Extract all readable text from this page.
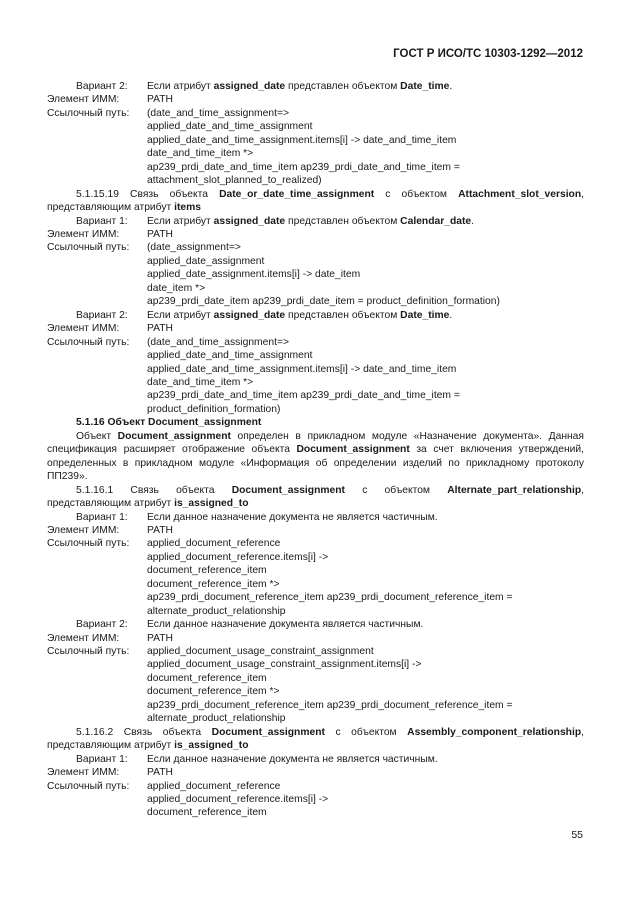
ГОСТ Р ИСО/ТС 10303-1292—2012
Вариант 2:	Если атрибут assigned_date представлен объектом Date_time.
Элемент ИММ:	PATH
Ссылочный путь:	(date_and_time_assignment=>
applied_date_and_time_assignment
applied_date_and_time_assignment.items[i] -> date_and_time_item
date_and_time_item *>
ap239_prdi_date_and_time_item ap239_prdi_date_and_time_item =
attachment_slot_planned_to_realized)
5.1.15.19 Связь объекта Date_or_date_time_assignment с объектом Attachment_slot_version, представляющим атрибут items
Вариант 1:	Если атрибут assigned_date представлен объектом Calendar_date.
Элемент ИММ:	PATH
Ссылочный путь:	(date_assignment=>
applied_date_assignment
applied_date_assignment.items[i] -> date_item
date_item *>
ap239_prdi_date_item ap239_prdi_date_item = product_definition_formation)
Вариант 2:	Если атрибут assigned_date представлен объектом Date_time.
Элемент ИММ:	PATH
Ссылочный путь:	(date_and_time_assignment=>
applied_date_and_time_assignment
applied_date_and_time_assignment.items[i] -> date_and_time_item
date_and_time_item *>
ap239_prdi_date_and_time_item ap239_prdi_date_and_time_item =
product_definition_formation)
5.1.16 Объект Document_assignment
Объект Document_assignment определен в прикладном модуле «Назначение документа». Данная спецификация расширяет отображение объекта Document_assignment за счет включения утверждений, определенных в прикладном модуле «Информация об определении изделий по прикладному протоколу ПП239».
5.1.16.1 Связь объекта Document_assignment с объектом Alternate_part_relationship, представляющим атрибут is_assigned_to
Вариант 1:	Если данное назначение документа не является частичным.
Элемент ИММ:	PATH
Ссылочный путь:	applied_document_reference
applied_document_reference.items[i] ->
document_reference_item
document_reference_item *>
ap239_prdi_document_reference_item ap239_prdi_document_reference_item =
alternate_product_relationship
Вариант 2:	Если данное назначение документа является частичным.
Элемент ИММ:	PATH
Ссылочный путь:	applied_document_usage_constraint_assignment
applied_document_usage_constraint_assignment.items[i] ->
document_reference_item
document_reference_item *>
ap239_prdi_document_reference_item ap239_prdi_document_reference_item =
alternate_product_relationship
5.1.16.2 Связь объекта Document_assignment с объектом Assembly_component_relationship, представляющим атрибут is_assigned_to
Вариант 1:	Если данное назначение документа не является частичным.
Элемент ИММ:	PATH
Ссылочный путь:	applied_document_reference
applied_document_reference.items[i] ->
document_reference_item
55
